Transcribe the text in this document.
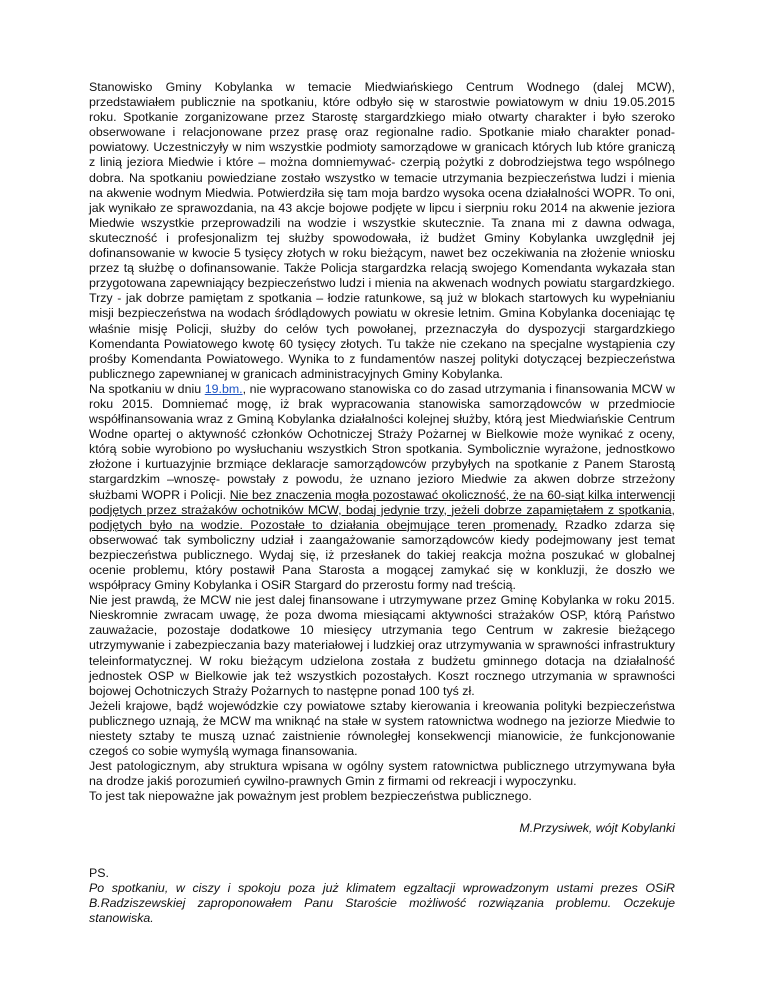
Stanowisko Gminy Kobylanka w temacie Miedwiańskiego Centrum Wodnego (dalej MCW), przedstawiałem publicznie na spotkaniu, które odbyło się w starostwie powiatowym w dniu 19.05.2015 roku. Spotkanie zorganizowane przez Starostę stargardzkiego miało otwarty charakter i było szeroko obserwowane i relacjonowane przez prasę oraz regionalne radio. Spotkanie miało charakter ponad-powiatowy. Uczestniczyły w nim wszystkie podmioty samorządowe w granicach których lub które graniczą z linią jeziora Miedwie i które – można domniemywać- czerpią pożytki z dobrodziejstwa tego wspólnego dobra. Na spotkaniu powiedziane zostało wszystko w temacie utrzymania bezpieczeństwa ludzi i mienia na akwenie wodnym Miedwia. Potwierdziła się tam moja bardzo wysoka ocena działalności WOPR. To oni, jak wynikało ze sprawozdania, na 43 akcje bojowe podjęte w lipcu i sierpniu roku 2014 na akwenie jeziora Miedwie wszystkie przeprowadzili na wodzie i wszystkie skutecznie. Ta znana mi z dawna odwaga, skuteczność i profesjonalizm tej służby spowodowała, iż budżet Gminy Kobylanka uwzględnił jej dofinansowanie w kwocie 5 tysięcy złotych w roku bieżącym, nawet bez oczekiwania na złożenie wniosku przez tą służbę o dofinansowanie. Także Policja stargardzka relacją swojego Komendanta wykazała stan przygotowana zapewniający bezpieczeństwo ludzi i mienia na akwenach wodnych powiatu stargardzkiego. Trzy - jak dobrze pamiętam z spotkania – łodzie ratunkowe, są już w blokach startowych ku wypełnianiu misji bezpieczeństwa na wodach śródlądowych powiatu w okresie letnim. Gmina Kobylanka doceniając tę właśnie misję Policji, służby do celów tych powołanej, przeznaczyła do dyspozycji stargardzkiego Komendanta Powiatowego kwotę 60 tysięcy złotych. Tu także nie czekano na specjalne wystąpienia czy prośby Komendanta Powiatowego. Wynika to z fundamentów naszej polityki dotyczącej bezpieczeństwa publicznego zapewnianej w granicach administracyjnych Gminy Kobylanka.

Na spotkaniu w dniu 19.bm., nie wypracowano stanowiska co do zasad utrzymania i finansowania MCW w roku 2015. Domniemać mogę, iż brak wypracowania stanowiska samorządowców w przedmiocie współfinansowania wraz z Gminą Kobylanka działalności kolejnej służby, którą jest Miedwiańskie Centrum Wodne opartej o aktywność członków Ochotniczej Straży Pożarnej w Bielkowie może wynikać z oceny, którą sobie wyrobiono po wysłuchaniu wszystkich Stron spotkania. Symbolicznie wyrażone, jednostkowo złożone i kurtuazyjnie brzmiące deklaracje samorządowców przybyłych na spotkanie z Panem Starostą stargardzkim –wnoszę- powstały z powodu, że uznano jezioro Miedwie za akwen dobrze strzeżony służbami WOPR i Policji. Nie bez znaczenia mogła pozostawać okoliczność, że na 60-siąt kilka interwencji podjętych przez strażaków ochotników MCW, bodaj jedynie trzy, jeżeli dobrze zapamiętałem z spotkania, podjętych było na wodzie. Pozostałe to działania obejmujące teren promenady. Rzadko zdarza się obserwować tak symboliczny udział i zaangażowanie samorządowców kiedy podejmowany jest temat bezpieczeństwa publicznego. Wydaj się, iż przesłanek do takiej reakcja można poszukać w globalnej ocenie problemu, który postawił Pana Starosta a mogącej zamykać się w konkluzji, że doszło we współpracy Gminy Kobylanka i OSiR Stargard do przerostu formy nad treścią.

Nie jest prawdą, że MCW nie jest dalej finansowane i utrzymywane przez Gminę Kobylanka w roku 2015. Nieskromnie zwracam uwagę, że poza dwoma miesiącami aktywności strażaków OSP, którą Państwo zauważacie, pozostaje dodatkowe 10 miesięcy utrzymania tego Centrum w zakresie bieżącego utrzymywanie i zabezpieczania bazy materiałowej i ludzkiej oraz utrzymywania w sprawności infrastruktury teleinformatycznej. W roku bieżącym udzielona została z budżetu gminnego dotacja na działalność jednostek OSP w Bielkowie jak też wszystkich pozostałych. Koszt rocznego utrzymania w sprawności bojowej Ochotniczych Straży Pożarnych to następne ponad 100 tyś zł.

Jeżeli krajowe, bądź wojewódzkie czy powiatowe sztaby kierowania i kreowania polityki bezpieczeństwa publicznego uznają, że MCW ma wniknąć na stałe w system ratownictwa wodnego na jeziorze Miedwie to niestety sztaby te muszą uznać zaistnienie równoległej konsekwencji mianowicie, że funkcjonowanie czegoś co sobie wymyślą wymaga finansowania.

Jest patologicznym, aby struktura wpisana w ogólny system ratownictwa publicznego utrzymywana była na drodze jakiś porozumień cywilno-prawnych Gmin z firmami od rekreacji i wypoczynku.

To jest tak niepoważne jak poważnym jest problem bezpieczeństwa publicznego.

M.Przysiwek, wójt Kobylanki

PS.

Po spotkaniu, w ciszy i spokoju poza już klimatem egzaltacji wprowadzonym ustami prezes OSiR B.Radziszewskiej zaproponowałem Panu Staroście możliwość rozwiązania problemu. Oczekuje stanowiska.
